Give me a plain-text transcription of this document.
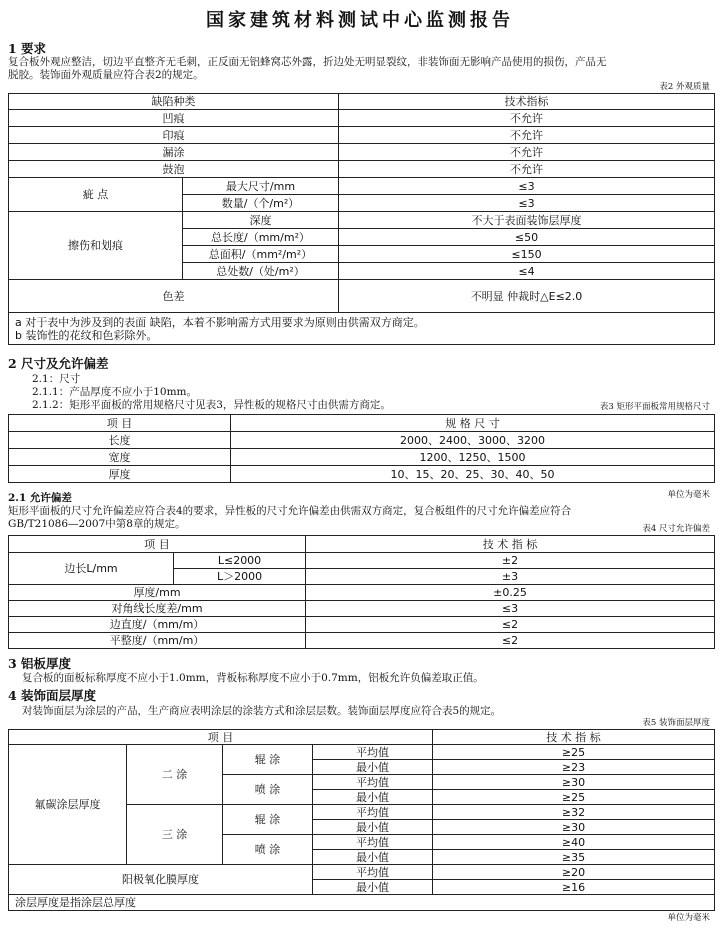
国家建筑材料测试中心监测报告
1 要求
复合板外观应整洁，切边平直整齐无毛刺，正反面无铝蜂窝芯外露，折边处无明显裂纹，非装饰面无影响产品使用的损伤，产品无
脱胶。装饰面外观质量应符合表2的规定。
表2 外观质量
缺陷种类		技术指标
凹痕		不允许
印痕		不允许
漏涂		不允许
鼓泡		不允许
疵 点	最大尺寸/mm	≤3
	数量/（个/m²）	≤3
擦伤和划痕	深度	不大于表面装饰层厚度
	总长度/（mm/m²）	≤50
	总面积/（mm²/m²）	≤150
	总处数/（处/m²）	≤4
色差		不明显 仲裁时△E≤2.0

a 对于表中为涉及到的表面 缺陷，本着不影响需方式用要求为原则由供需双方商定。
b 装饰性的花纹和色彩除外。		
2 尺寸及允许偏差
2.1：尺寸
2.1.1：产品厚度不应小于10mm。
2.1.2：矩形平面板的常用规格尺寸见表3，异性板的规格尺寸由供需方商定。	表3 矩形平面板常用规格尺寸
项 目	规 格 尺 寸
长度	2000、2400、3000、3200
宽度	1200、1250、1500
厚度	10、15、20、25、30、40、50
单位为毫米
2.1 允许偏差
矩形平面板的尺寸允许偏差应符合表4的要求，异性板的尺寸允许偏差由供需双方商定，复合板组件的尺寸允许偏差应符合
GB/T21086—2007中第8章的规定。	表4 尺寸允许偏差
项 目		技 术 指 标
边长L/mm	L≤2000	±2
	L＞2000	±3
厚度/mm		±0.25
对角线长度差/mm		≤3
边直度/（mm/m）		≤2
平整度/（mm/m）		≤2
3 铝板厚度
复合板的面板标称厚度不应小于1.0mm，背板标称厚度不应小于0.7mm，铝板允许负偏差取正值。
4 装饰面层厚度
对装饰面层为涂层的产品，生产商应表明涂层的涂装方式和涂层层数。装饰面层厚度应符合表5的规定。
表5 装饰面层厚度
项 目				技 术 指 标
氟碳涂层厚度	二 涂	辊 涂	平均值	≥25
			最小值	≥23
		喷 涂	平均值	≥30
			最小值	≥25
	三 涂	辊 涂	平均值	≥32
			最小值	≥30
		喷 涂	平均值	≥40
			最小值	≥35
阳极氧化膜厚度			平均值	≥20
			最小值	≥16
涂层厚度是指涂层总厚度				
单位为毫米
